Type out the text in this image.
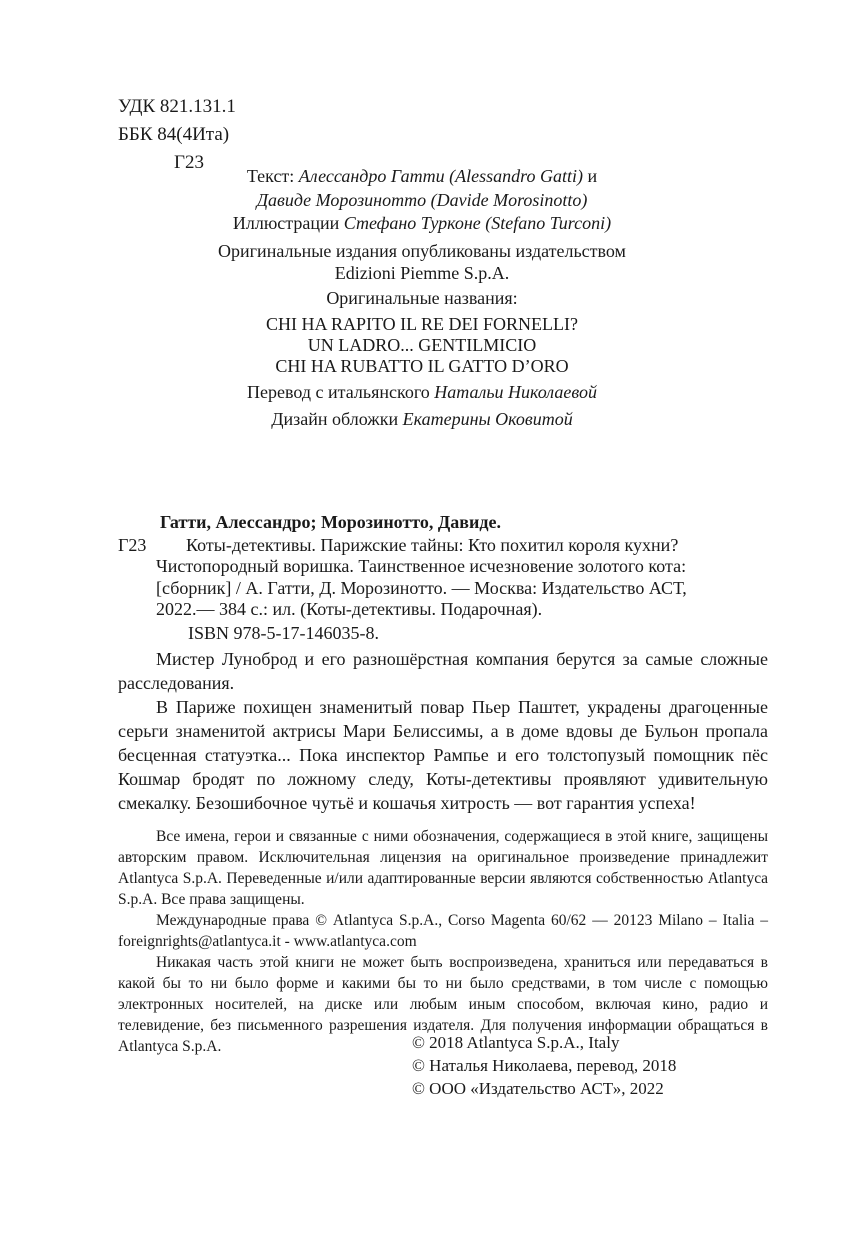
УДК 821.131.1
ББК 84(4Ита)
Г23
Текст: Алессандро Гатти (Alessandro Gatti) и
Давиде Морозинотто (Davide Morosinotto)
Иллюстрации Стефано Турконе (Stefano Turconi)
Оригинальные издания опубликованы издательством
Edizioni Piemme S.p.A.
Оригинальные названия:
CHI HA RAPITO IL RE DEI FORNELLI?
UN LADRO... GENTILMICIO
CHI HA RUBATTO IL GATTO D’ORO
Перевод с итальянского Натальи Николаевой
Дизайн обложки Екатерины Оковитой
Гатти, Алессандро; Морозинотто, Давиде.
Г23	Коты-детективы. Парижские тайны: Кто похитил короля кухни?
Чистопородный воришка. Таинственное исчезновение золотого кота:
[сборник] / А. Гатти, Д. Морозинотто. — Москва: Издательство АСТ,
2022.— 384 с.: ил. (Коты-детективы. Подарочная).
ISBN 978-5-17-146035-8.

Мистер Луноброд и его разношёрстная компания берутся за самые сложные расследования.

В Париже похищен знаменитый повар Пьер Паштет, украдены драгоценные серьги знаменитой актрисы Мари Белиссимы, а в доме вдовы де Бульон пропала бесценная статуэтка... Пока инспектор Рампье и его толстопузый помощник пёс Кошмар бродят по ложному следу, Коты-детективы проявляют удивительную смекалку. Безошибочное чутьё и кошачья хитрость — вот гарантия успеха!

Все имена, герои и связанные с ними обозначения, содержащиеся в этой книге, защищены авторским правом. Исключительная лицензия на оригинальное произведение принадлежит Atlantyca S.p.A. Переведенные и/или адаптированные версии являются собственностью Atlantyca S.p.A. Все права защищены.

Международные права © Atlantyca S.p.A., Corso Magenta 60/62 — 20123 Milano – Italia – foreignrights@atlantyca.it - www.atlantyca.com

Никакая часть этой книги не может быть воспроизведена, храниться или передаваться в какой бы то ни было форме и какими бы то ни было средствами, в том числе с помощью электронных носителей, на диске или любым иным способом, включая кино, радио и телевидение, без письменного разрешения издателя. Для получения информации обращаться в Atlantyca S.p.A.	© 2018 Atlantyca S.p.A., Italy
© Наталья Николаева, перевод, 2018
© ООО «Издательство АСТ», 2022
